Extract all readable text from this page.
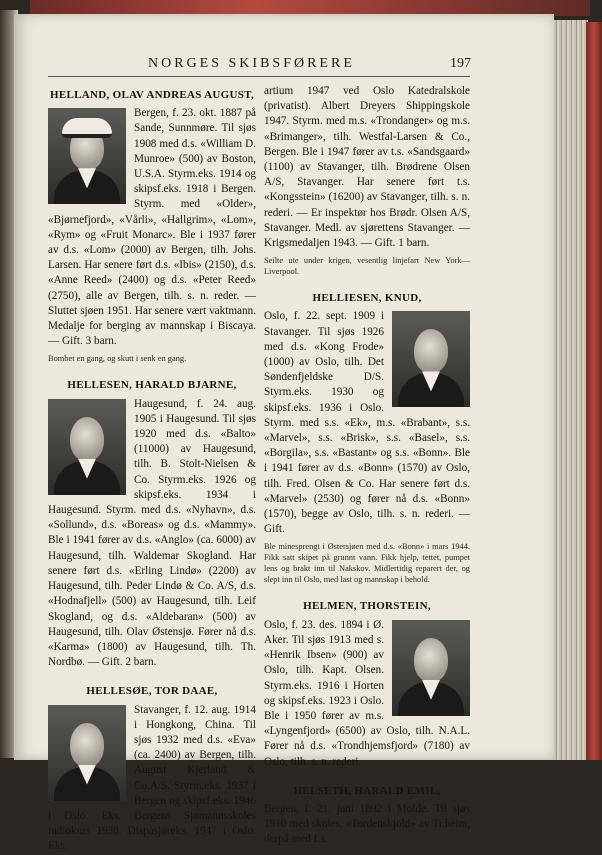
NORGES SKIBSFØRERE	197
HELLAND, OLAV ANDREAS AUGUST,

Bergen, f. 23. okt. 1887 på Sande, Sunnmøre. Til sjøs 1908 med d.s. «William D. Munroe» (500) av Boston, U.S.A. Styrm.eks. 1914 og skipsf.eks. 1918 i Bergen. Styrm. med «Older», «Bjørnefjord», «Vårli», «Hallgrim», «Lom», «Rym» og «Fruit Monarc». Ble i 1937 fører av d.s. «Lom» (2000) av Bergen, tilh. Johs. Larsen. Har senere ført d.s. «Ibis» (2150), d.s. «Anne Reed» (2400) og d.s. «Peter Reed» (2750), alle av Bergen, tilh. s. n. reder. — Sluttet sjøen 1951. Har senere vært vaktmann. Medalje for berging av mannskap i Biscaya. — Gift. 3 barn.

Bombet en gang, og skutt i senk en gang.

HELLESEN, HARALD BJARNE,

Haugesund, f. 24. aug. 1905 i Haugesund. Til sjøs 1920 med d.s. «Balto» (11000) av Haugesund, tilh. B. Stolt-Nielsen & Co. Styrm.eks. 1926 og skipsf.eks. 1934 i Haugesund. Styrm. med d.s. «Nyhavn», d.s. «Sollund», d.s. «Boreas» og d.s. «Mammy». Ble i 1941 fører av d.s. «Anglo» (ca. 6000) av Haugesund, tilh. Waldemar Skogland. Har senere ført d.s. «Erling Lindø» (2200) av Haugesund, tilh. Peder Lindø & Co. A/S, d.s. «Hodnafjell» (500) av Haugesund, tilh. Leif Skogland, og d.s. «Aldebaran» (500) av Haugesund, tilh. Olav Østensjø. Fører nå d.s. «Karma» (1800) av Haugesund, tilh. Th. Nordbø. — Gift. 2 barn.

HELLESØE, TOR DAAE,

Stavanger, f. 12. aug. 1914 i Hongkong, China. Til sjøs 1932 med d.s. «Eva» (ca. 2400) av Bergen, tilh. August Kjerland & Co.A/S. Styrm.eks. 1937 i Bergen og skipsf.eks. 1946 i Oslo. Eks. Bergens Sjømannsskoles radiokurs 1938. Dispasjøreks. 1947 i Oslo. Eks.

artium 1947 ved Oslo Katedralskole (privatist). Albert Dreyers Shippingskole 1947. Styrm. med m.s. «Trondanger» og m.s. «Brimanger», tilh. Westfal-Larsen & Co., Bergen. Ble i 1947 fører av t.s. «Sandsgaard» (1100) av Stavanger, tilh. Brødrene Olsen A/S, Stavanger. Har senere ført t.s. «Kongsstein» (16200) av Stavanger, tilh. s. n. rederi. — Er inspektør hos Brødr. Olsen A/S, Stavanger. Medl. av sjørettens Stavanger. — Krigsmedaljen 1943. — Gift. 1 barn.

Seilte ute under krigen, vesentlig linjefart New York—Liverpool.

HELLIESEN, KNUD,

Oslo, f. 22. sept. 1909 i Stavanger. Til sjøs 1926 med d.s. «Kong Frode» (1000) av Oslo, tilh. Det Søndenfjeldske D/S. Styrm.eks. 1930 og skipsf.eks. 1936 i Oslo. Styrm. med s.s. «Ek», m.s. «Brabant», s.s. «Marvel», s.s. «Brisk», s.s. «Basel», s.s. «Borgila», s.s. «Bastant» og s.s. «Bonn». Ble i 1941 fører av d.s. «Bonn» (1570) av Oslo, tilh. Fred. Olsen & Co. Har senere ført d.s. «Marvel» (2530) og fører nå d.s. «Bonn» (1570), begge av Oslo, tilh. s. n. rederi. — Gift.

Ble minesprengt i Østersjøen med d.s. «Bonn» i mars 1944. Fikk satt skipet på grunnt vann. Fikk hjelp, tettet, pumpet lens og brakt inn til Nakskov. Midlertidig reparert der, og slept inn til Oslo, med last og mannskap i behold.

HELMEN, THORSTEIN,

Oslo, f. 23. des. 1894 i Ø. Aker. Til sjøs 1913 med s. «Henrik Ibsen» (900) av Oslo, tilh. Kapt. Olsen. Styrm.eks. 1916 i Horten og skipsf.eks. 1923 i Oslo. Ble i 1950 fører av m.s. «Lyngenfjord» (6500) av Oslo, tilh. N.A.L. Fører nå d.s. «Trondhjemsfjord» (7180) av Oslo, tilh. s. n. rederi.

HELSETH, HARALD EMIL,

Bergen, f. 21. juni 1892 i Molde. Til sjøs 1910 med skoles. «Tordenskjold» av Tr.heim, derpå med f.s.
